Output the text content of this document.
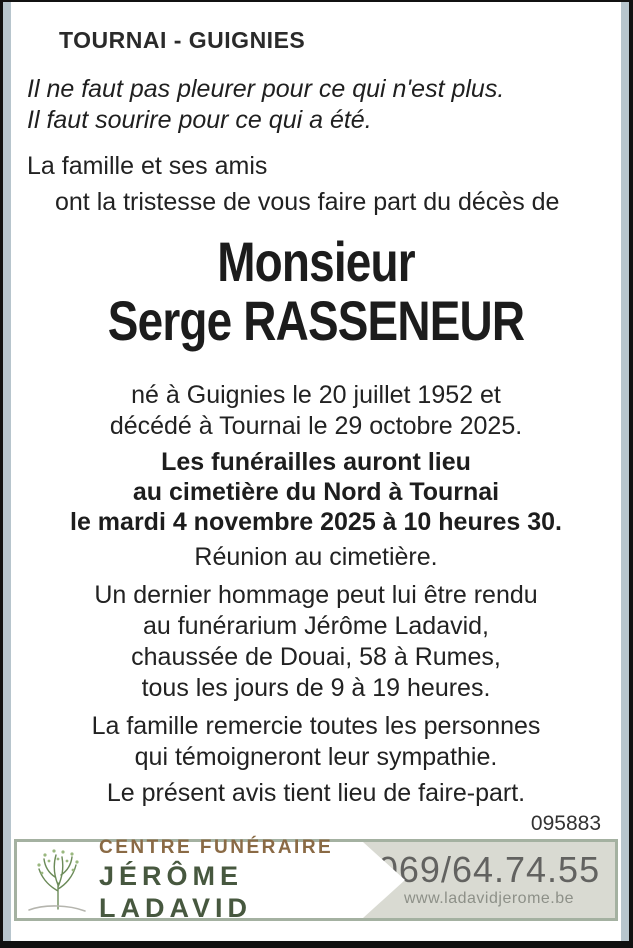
TOURNAI - GUIGNIES
Il ne faut pas pleurer pour ce qui n'est plus.
Il faut sourire pour ce qui a été.
La famille et ses amis
ont la tristesse de vous faire part du décès de
Monsieur
Serge RASSENEUR
né à Guignies le 20 juillet 1952 et
décédé à Tournai le 29 octobre 2025.
Les funérailles auront lieu
au cimetière du Nord à Tournai
le mardi 4 novembre 2025 à 10 heures 30.
Réunion au cimetière.
Un dernier hommage peut lui être rendu
au funérarium Jérôme Ladavid,
chaussée de Douai, 58 à Rumes,
tous les jours de 9 à 19 heures.
La famille remercie toutes les personnes
qui témoigneront leur sympathie.
Le présent avis tient lieu de faire-part.
095883
CENTRE FUNÉRAIRE
JÉRÔME LADAVID
069/64.74.55
www.ladavidjerome.be
